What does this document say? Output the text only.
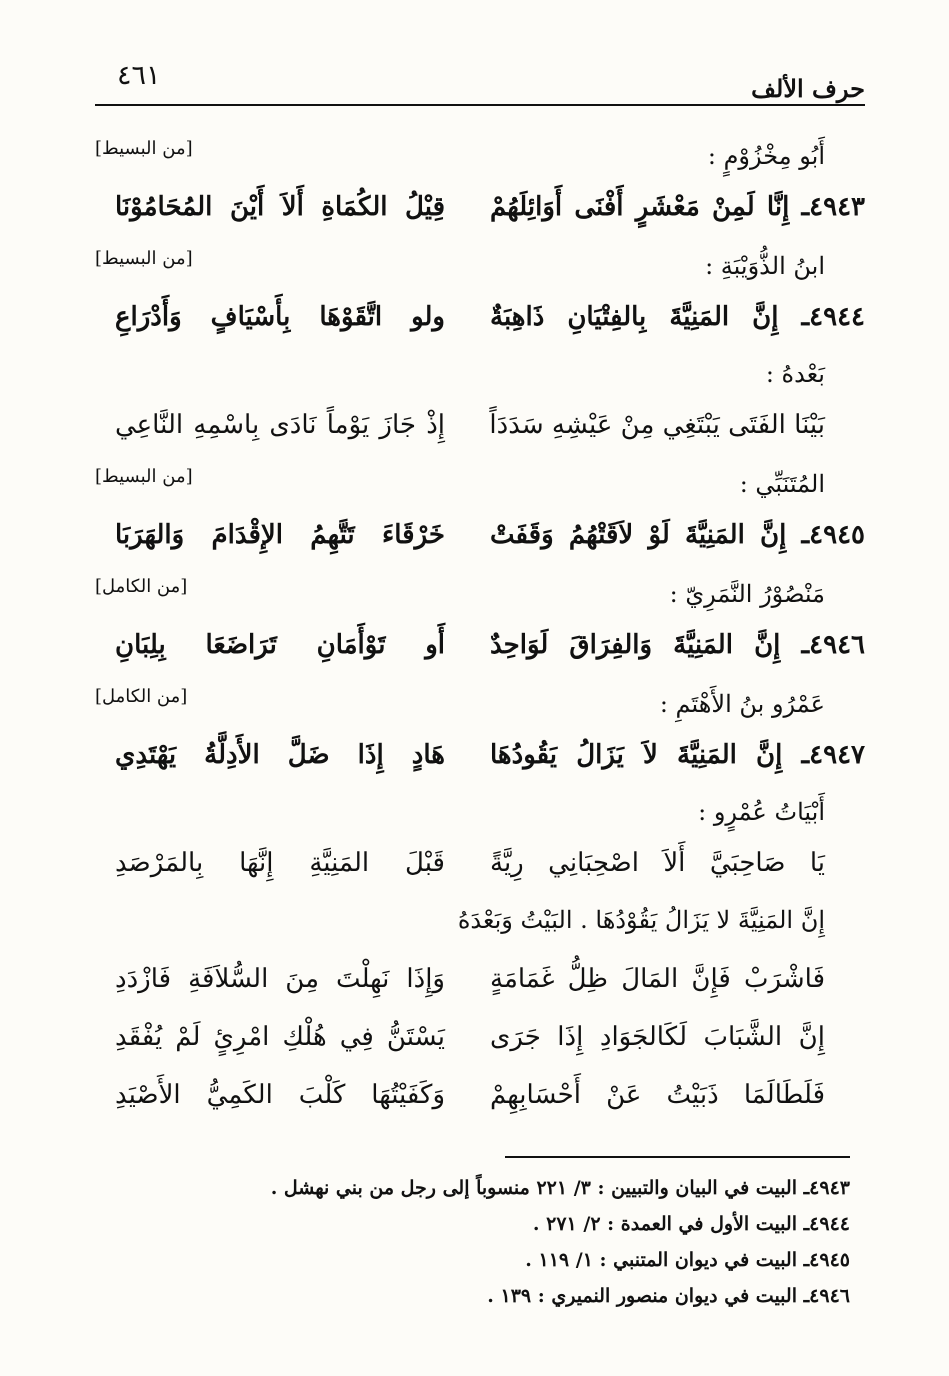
حرف الألف
٤٦١
أَبُو مِخْزُوْمٍ :
[من البسيط]
٤٩٤٣ـ إِنَّا لَمِنْ مَعْشَرٍ أَفْنَى أَوَائِلَهُمْ
قِيْلُ الكُمَاةِ أَلاَ أَيْنَ المُحَامُوْنَا
ابنُ الذُّوَيْبَةِ :
[من البسيط]
٤٩٤٤ـ إِنَّ المَنِيَّةَ بِالفِتْيَانِ ذَاهِبَةٌ
ولو اتَّقَوْهَا بِأَسْيَافٍ وَأَدْرَاعِ
بَعْدهُ :
بَيْنَا الفَتَى يَبْتَغِي مِنْ عَيْشِهِ سَدَدَاً
إِذْ جَازَ يَوْماً نَادَى بِاسْمِهِ النَّاعِي
المُتَنَبِّي :
[من البسيط]
٤٩٤٥ـ إِنَّ المَنِيَّةَ لَوْ لاَقَتْهُمُ وَقَفَتْ
خَرْقَاءَ تَتَّهِمُ الإِقْدَامَ وَالهَرَبَا
مَنْصُوْرُ النَّمَرِيّ :
[من الكامل]
٤٩٤٦ـ إِنَّ المَنِيَّةَ وَالفِرَاقَ لَوَاحِدٌ
أَو تَوْأَمَانِ تَرَاضَعَا بِلِبَانِ
عَمْرُو بنُ الأَهْتَمِ :
[من الكامل]
٤٩٤٧ـ إِنَّ المَنِيَّةَ لاَ يَزَالُ يَقُودُهَا
هَادٍ إِذَا ضَلَّ الأَدِلَّةُ يَهْتَدِي
أَبْيَاتُ عُمْرٍو :
يَا صَاحِبَيَّ أَلاَ اصْحِبَانِي رِيَّةً
قَبْلَ المَنِيَّةِ إِنَّهَا بِالمَرْصَدِ
إِنَّ المَنِيَّةَ لا يَزَالُ يَقُوْدُهَا . البَيْتُ وَبَعْدَهُ
فَاشْرَبْ فَإِنَّ المَالَ ظِلُّ غَمَامَةٍ
وَإِذَا نَهِلْتَ مِنَ السُّلاَفَةِ فَازْدَدِ
إِنَّ الشَّبَابَ لَكَالجَوَادِ إِذَا جَرَى
يَسْتَنُّ فِي هُلْكِ امْرِئٍ لَمْ يُفْقَدِ
فَلَطَالَمَا ذَبَيْتُ عَنْ أَحْسَابِهِمْ
وَكَفَيْتُهَا كَلْبَ الكَمِيُّ الأَصْيَدِ
٤٩٤٣ـ البيت في البيان والتبيين : ٣/ ٢٢١ منسوباً إلى رجل من بني نهشل .
٤٩٤٤ـ البيت الأول في العمدة : ٢/ ٢٧١ .
٤٩٤٥ـ البيت في ديوان المتنبي : ١/ ١١٩ .
٤٩٤٦ـ البيت في ديوان منصور النميري : ١٣٩ .
